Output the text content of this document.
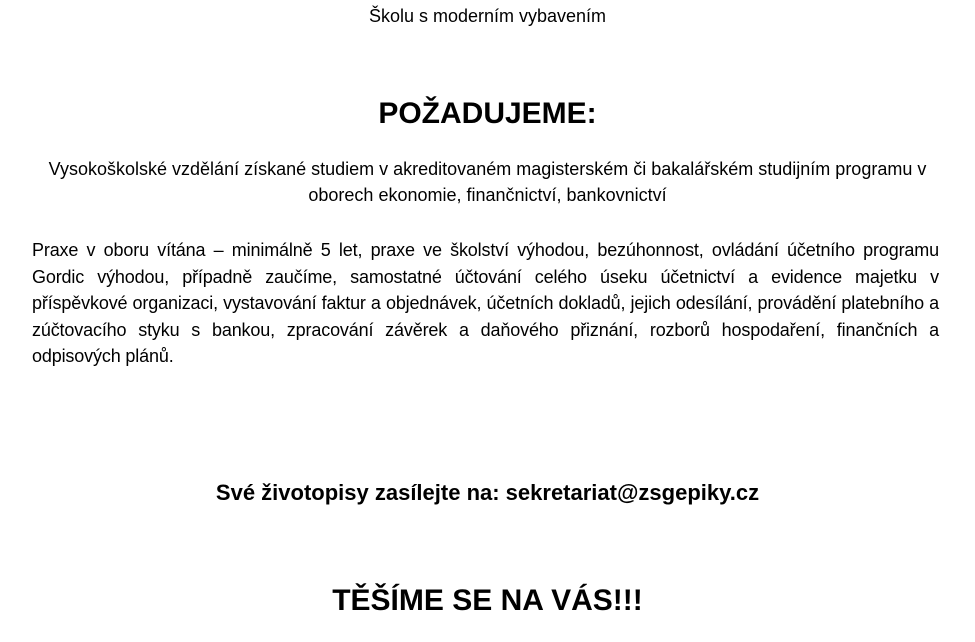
Školu s moderním vybavením
POŽADUJEME:
Vysokoškolské vzdělání získané studiem v akreditovaném magisterském či bakalářském studijním programu v oborech ekonomie, finančnictví, bankovnictví
Praxe v oboru vítána – minimálně 5 let, praxe ve školství výhodou, bezúhonnost, ovládání účetního programu Gordic výhodou, případně zaučíme, samostatné účtování celého úseku účetnictví a evidence majetku v příspěvkové organizaci, vystavování faktur a objednávek, účetních dokladů, jejich odesílání, provádění platebního a zúčtovacího styku s bankou, zpracování závěrek a daňového přiznání, rozborů hospodaření, finančních a odpisových plánů.
Své životopisy zasílejte na: sekretariat@zsgepiky.cz
TĚŠÍME SE NA VÁS!!!
